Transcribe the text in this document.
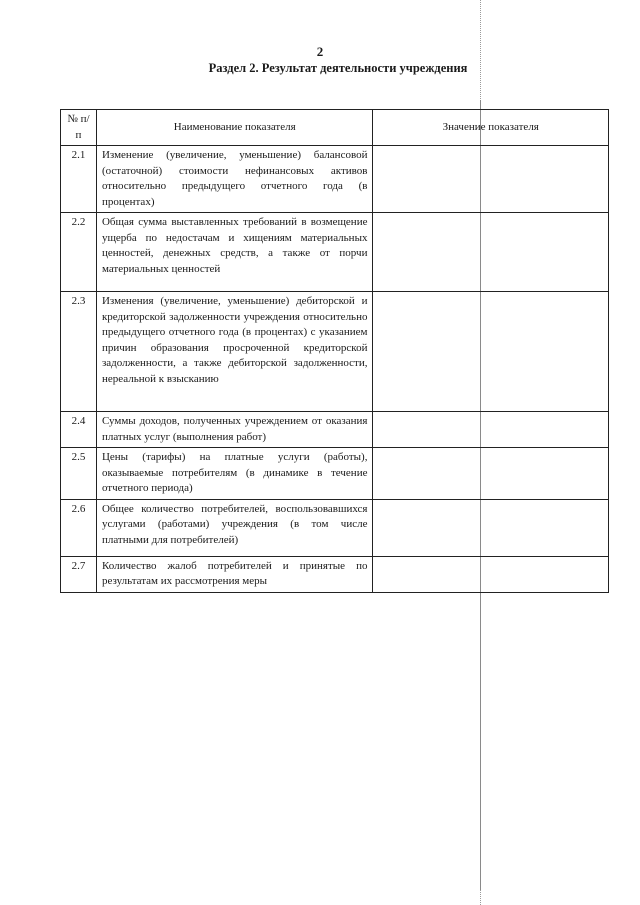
2
Раздел 2. Результат деятельности учреждения
№ п/п	Наименование показателя	Значение показателя
2.1	Изменение (увеличение, уменьшение) балансовой (остаточной) стоимости нефинансовых активов относительно предыдущего отчетного года (в процентах)	
2.2	Общая сумма выставленных требований в возмещение ущерба по недостачам и хищениям материальных ценностей, денежных средств, а также от порчи материальных ценностей	
2.3	Изменения (увеличение, уменьшение) дебиторской и кредиторской задолженности учреждения относительно предыдущего отчетного года (в процентах) с указанием причин образования просроченной кредиторской задолженности, а также дебиторской задолженности, нереальной к взысканию	
2.4	Суммы доходов, полученных учреждением от оказания платных услуг (выполнения работ)	
2.5	Цены (тарифы) на платные услуги (работы), оказываемые потребителям (в динамике в течение отчетного периода)	
2.6	Общее количество потребителей, воспользовавшихся услугами (работами) учреждения (в том числе платными для потребителей)	
2.7	Количество жалоб потребителей и принятые по результатам их рассмотрения меры	
